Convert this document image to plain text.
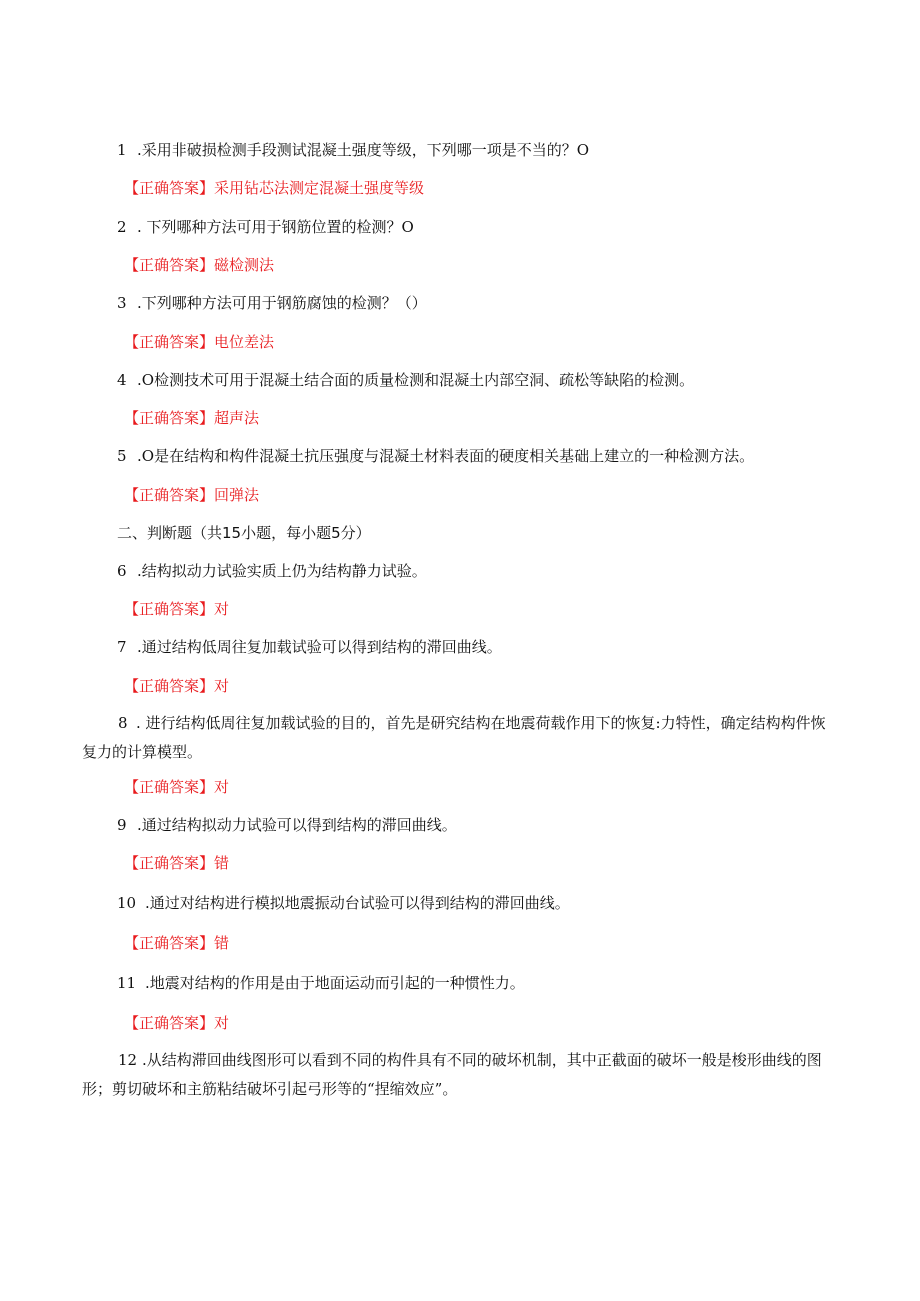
1 .采用非破损检测手段测试混凝土强度等级，下列哪一项是不当的？O
【正确答案】采用钻芯法测定混凝土强度等级
2 . 下列哪种方法可用于钢筋位置的检测？O
【正确答案】磁检测法
3 .下列哪种方法可用于钢筋腐蚀的检测？（）
【正确答案】电位差法
4 .O检测技术可用于混凝土结合面的质量检测和混凝土内部空洞、疏松等缺陷的检测。
【正确答案】超声法
5 .O是在结构和构件混凝土抗压强度与混凝土材料表面的硬度相关基础上建立的一种检测方法。
【正确答案】回弹法
二、判断题（共15小题，每小题5分）
6 .结构拟动力试验实质上仍为结构静力试验。
【正确答案】对
7 .通过结构低周往复加载试验可以得到结构的滞回曲线。
【正确答案】对
8 . 进行结构低周往复加载试验的目的，首先是研究结构在地震荷载作用下的恢复:力特性，确定结构构件恢复力的计算模型。
【正确答案】对
9 .通过结构拟动力试验可以得到结构的滞回曲线。
【正确答案】错
10 .通过对结构进行模拟地震振动台试验可以得到结构的滞回曲线。
【正确答案】错
11 .地震对结构的作用是由于地面运动而引起的一种惯性力。
【正确答案】对
12 .从结构滞回曲线图形可以看到不同的构件具有不同的破坏机制，其中正截面的破坏一般是梭形曲线的图形；剪切破坏和主筋粘结破坏引起弓形等的“捏缩效应”。
